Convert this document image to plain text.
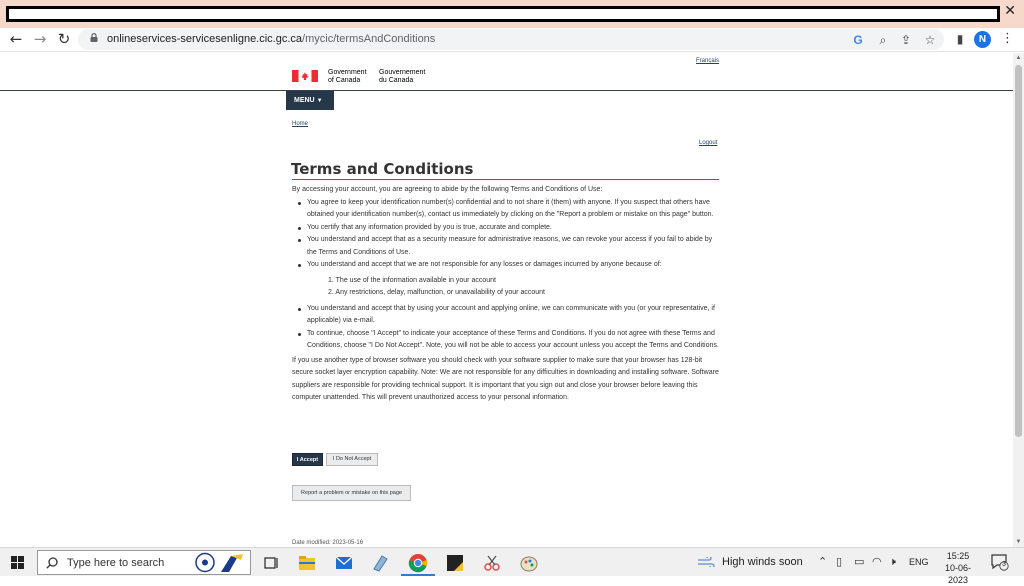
✕
← → ↻	onlineservices-servicesenligne.cic.gc.ca/mycic/termsAndConditions	G	⌕	⇪ ☆	▮	N	⋮
Français
Government
of Canada
Gouvernement
du Canada
MENU ▼
Home
Logout
Terms and Conditions

By accessing your account, you are agreeing to abide by the following Terms and Conditions of Use:

You agree to keep your identification number(s) confidential and to not share it (them) with anyone. If you suspect that others have obtained your identification number(s), contact us immediately by clicking on the "Report a problem or mistake on this page" button.
You certify that any information provided by you is true, accurate and complete.
You understand and accept that as a security measure for administrative reasons, we can revoke your access if you fail to abide by the Terms and Conditions of Use.
You understand and accept that we are not responsible for any losses or damages incurred by anyone because of:
1. The use of the information available in your account
2. Any restrictions, delay, malfunction, or unavailability of your account
You understand and accept that by using your account and applying online, we can communicate with you (or your representative, if applicable) via e-mail.
To continue, choose "I Accept" to indicate your acceptance of these Terms and Conditions. If you do not agree with these Terms and Conditions, choose "I Do Not Accept". Note, you will not be able to access your account unless you accept the Terms and Conditions.

If you use another type of browser software you should check with your software supplier to make sure that your browser has 128-bit secure socket layer encryption capability. Note: We are not responsible for any difficulties in downloading and installing software. Software suppliers are responsible for providing technical support. It is important that you sign out and close your browser before leaving this computer unattended. This will prevent unauthorized access to your personal information.

I Accept	I Do Not Accept
Report a problem or mistake on this page
Date modified: 2023-05-16
▲
▼
Type here to search	High winds soon ⌃ ▯ ▭ ◠ 🕨 ENG
15:25
10-06-2023
3
